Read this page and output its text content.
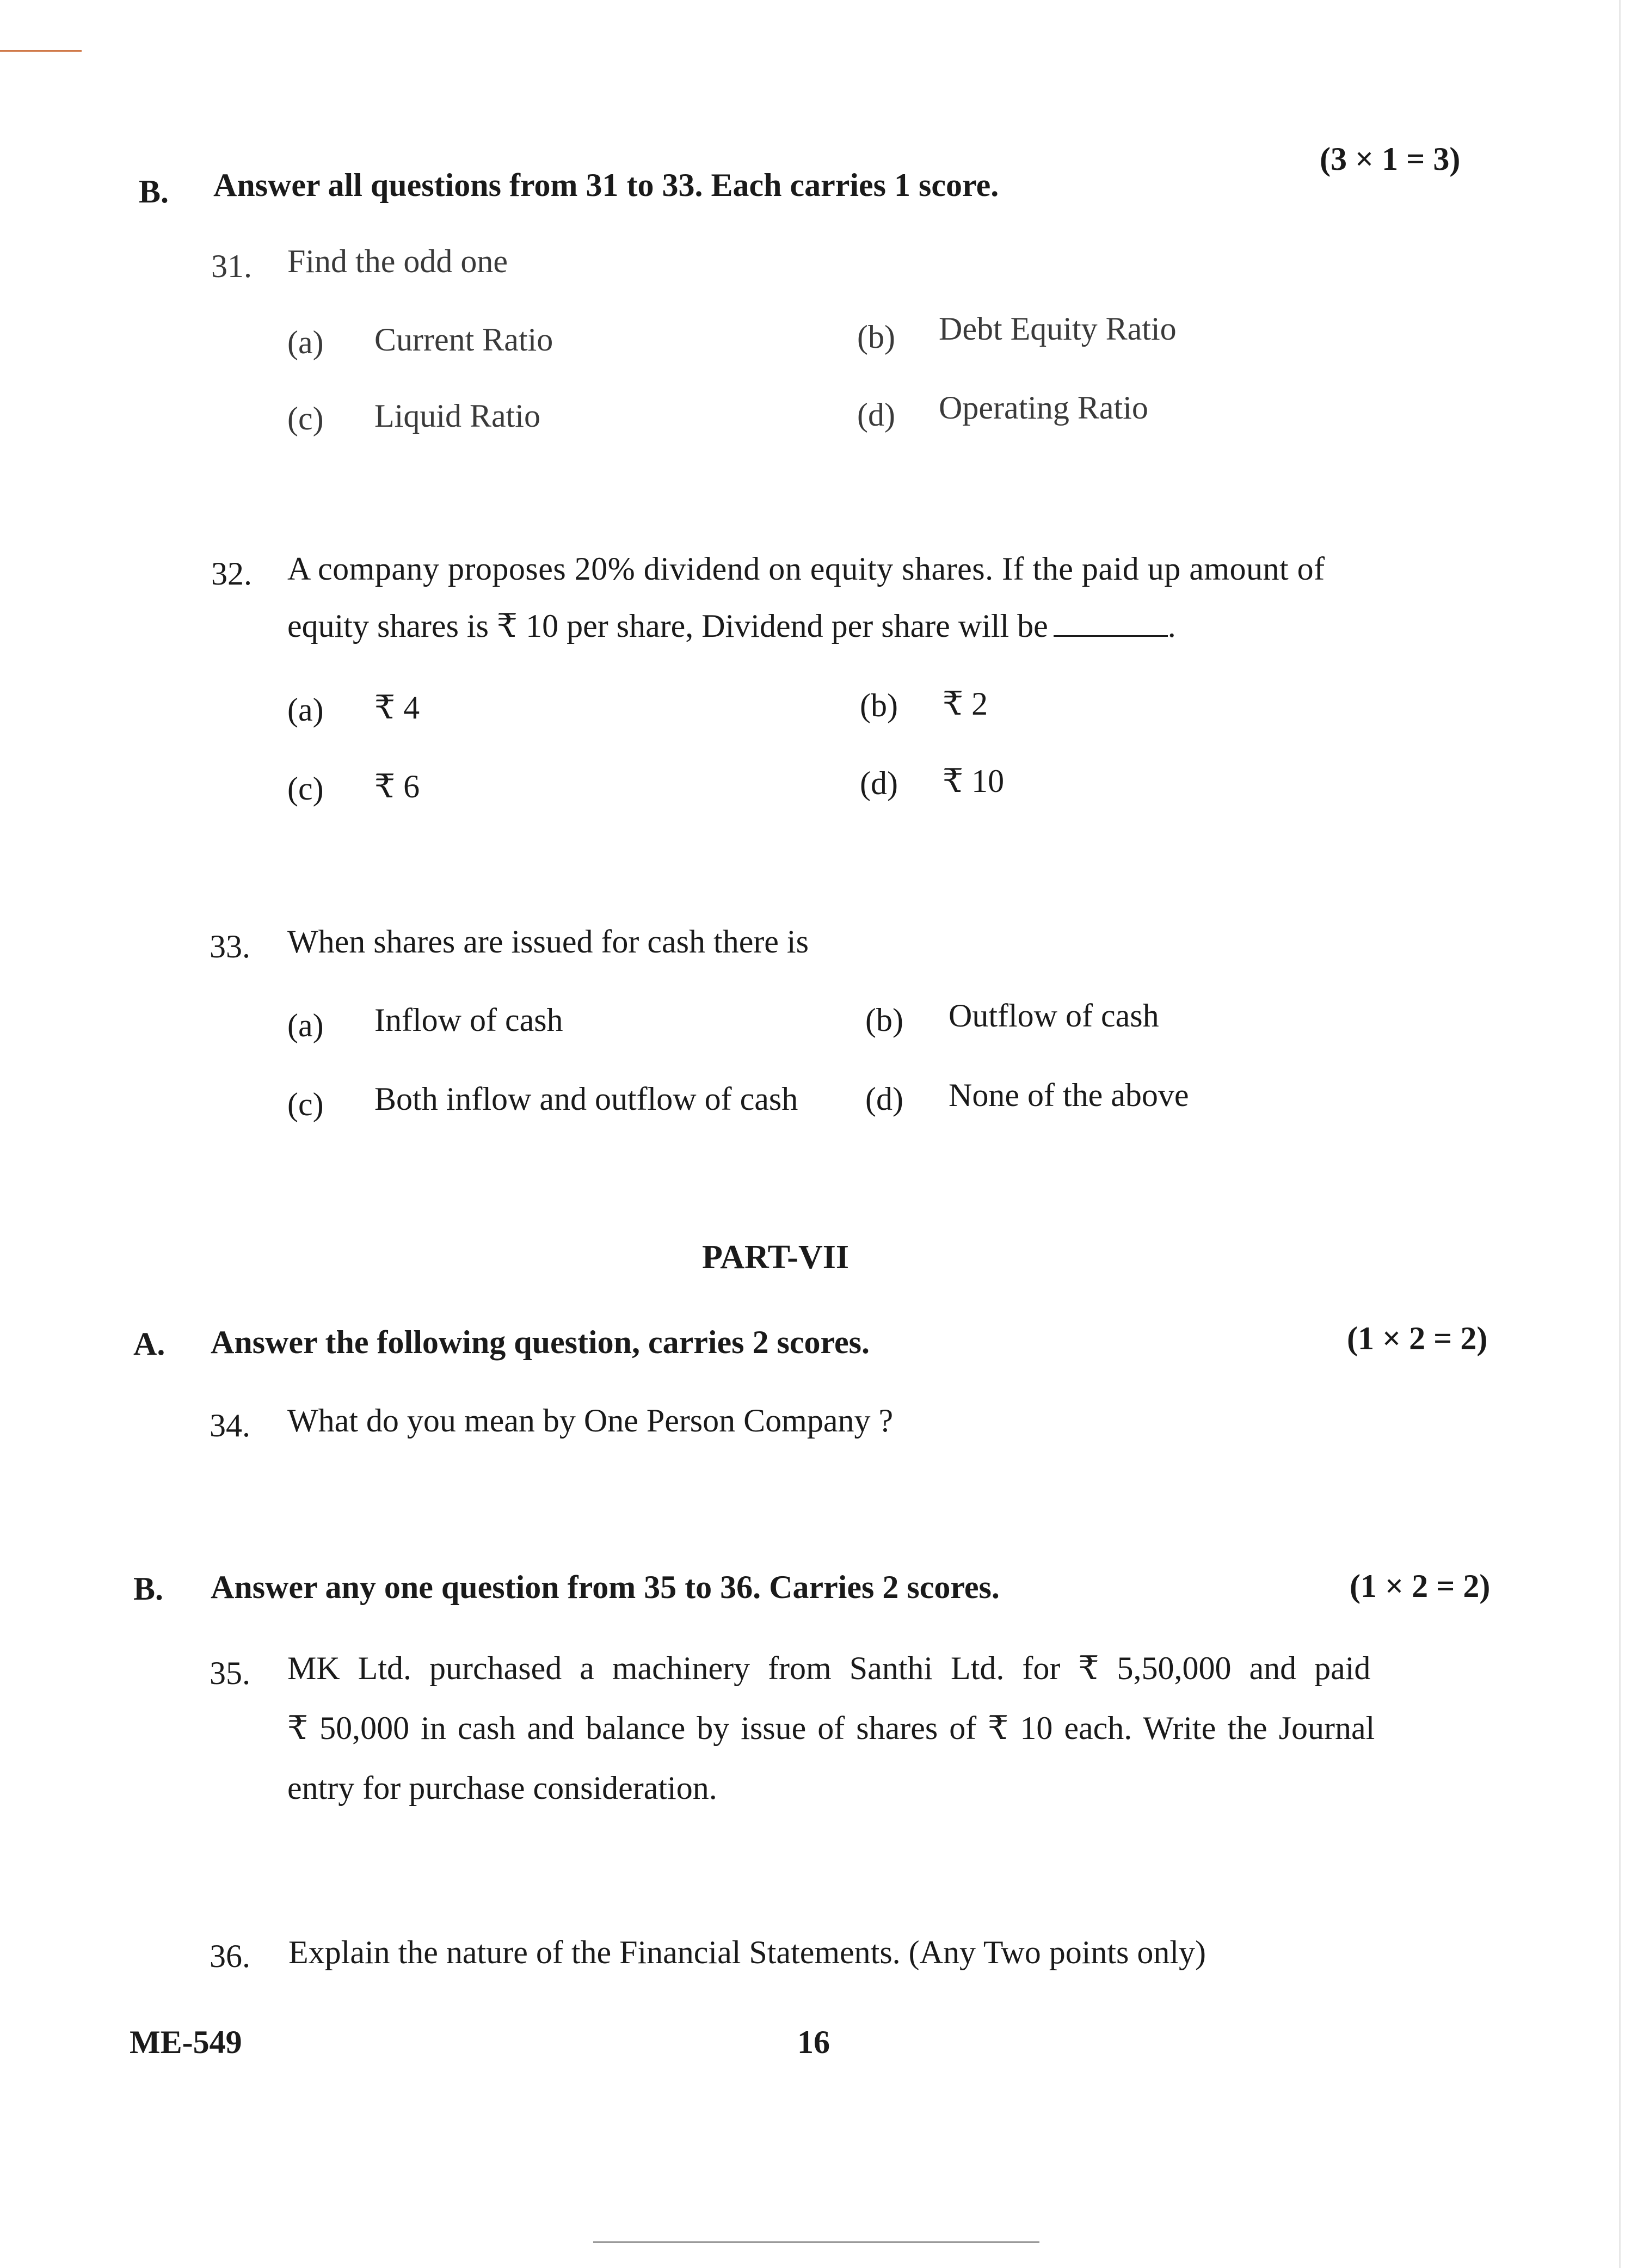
B. Answer all questions from 31 to 33. Each carries 1 score.
(3 × 1 = 3)
31. Find the odd one
(a) Current Ratio	(b) Debt Equity Ratio
(c) Liquid Ratio	(d) Operating Ratio
32. A company proposes 20% dividend on equity shares. If the paid up amount of
equity shares is ₹ 10 per share, Dividend per share will be	.
(a) ₹ 4	(b) ₹ 2
(c) ₹ 6	(d) ₹ 10
33. When shares are issued for cash there is
(a) Inflow of cash	(b) Outflow of cash
(c) Both inflow and outflow of cash (d) None of the above
PART-VII
A. Answer the following question, carries 2 scores.	(1 × 2 = 2)
34. What do you mean by One Person Company ?
B. Answer any one question from 35 to 36. Carries 2 scores.	(1 × 2 = 2)
35. MK Ltd. purchased a machinery from Santhi Ltd. for ₹ 5,50,000 and paid
₹ 50,000 in cash and balance by issue of shares of ₹ 10 each. Write the Journal
entry for purchase consideration.
36. Explain the nature of the Financial Statements. (Any Two points only)
ME-549	16
